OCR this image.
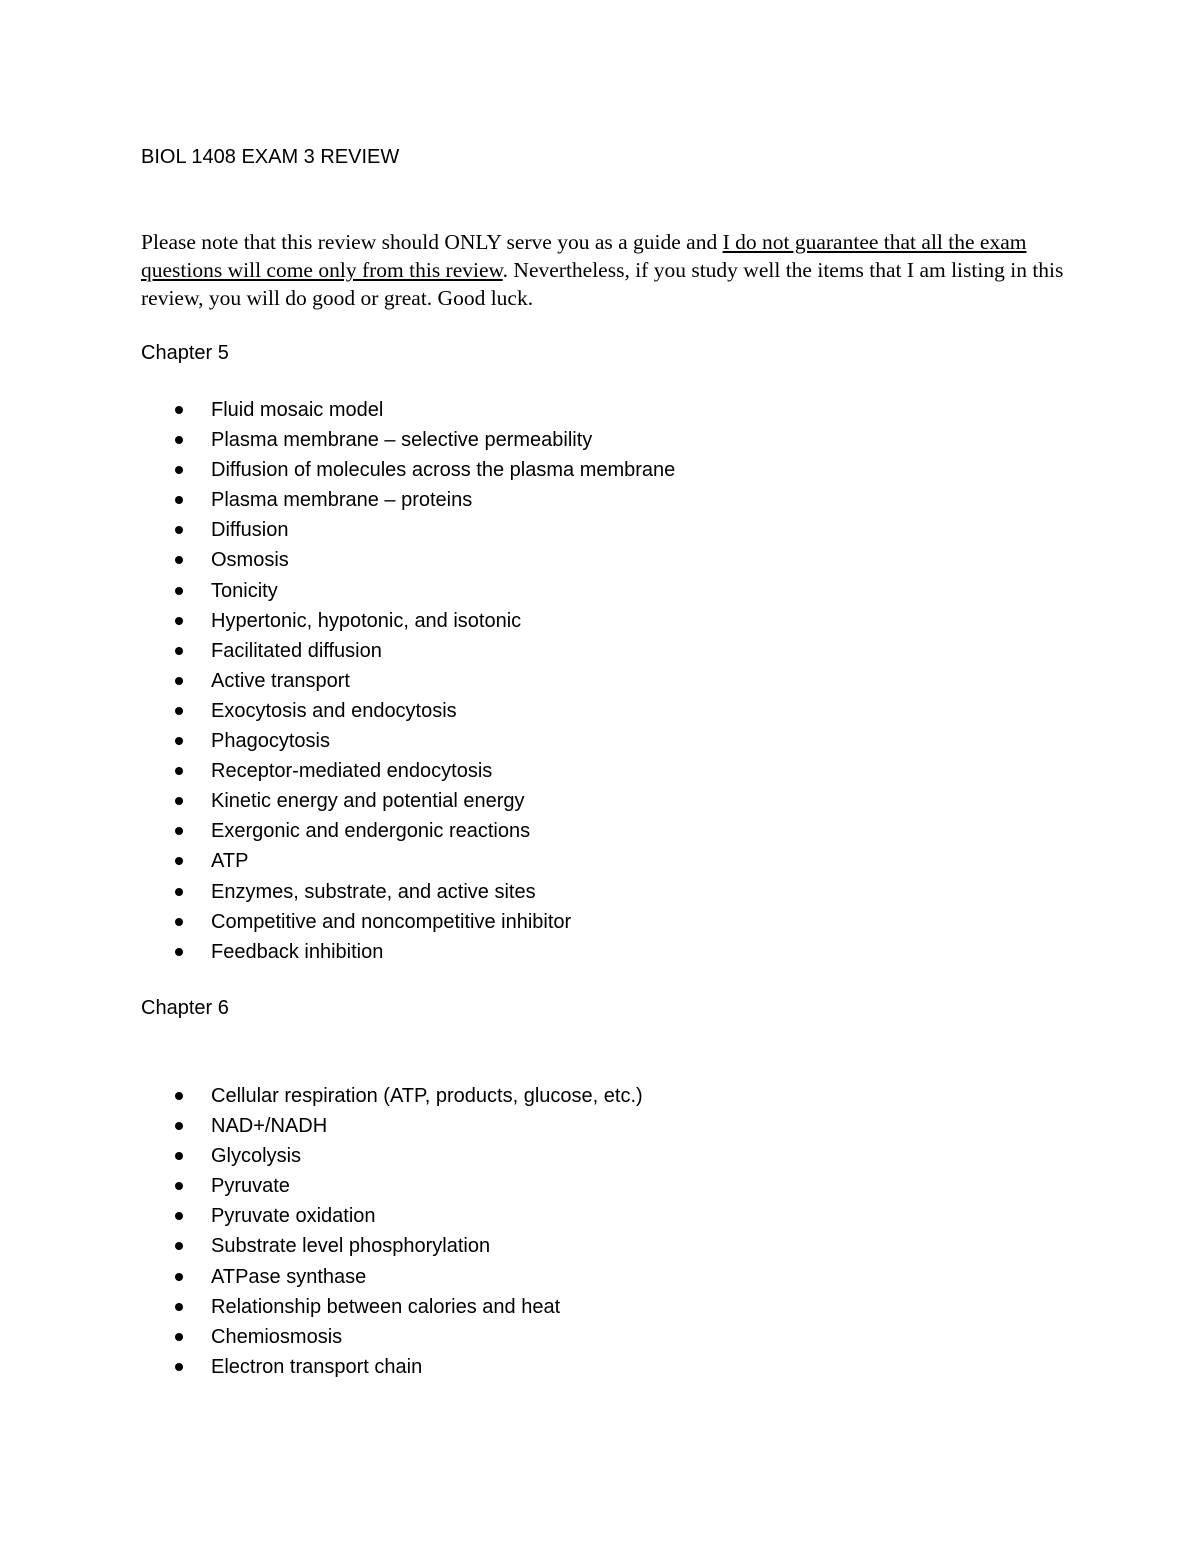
BIOL 1408 EXAM 3 REVIEW

Please note that this review should ONLY serve you as a guide and I do not guarantee that all the exam questions will come only from this review. Nevertheless, if you study well the items that I am listing in this review, you will do good or great. Good luck.

Chapter 5
Fluid mosaic model
Plasma membrane – selective permeability
Diffusion of molecules across the plasma membrane
Plasma membrane – proteins
Diffusion
Osmosis
Tonicity
Hypertonic, hypotonic, and isotonic
Facilitated diffusion
Active transport
Exocytosis and endocytosis
Phagocytosis
Receptor-mediated endocytosis
Kinetic energy and potential energy
Exergonic and endergonic reactions
ATP
Enzymes, substrate, and active sites
Competitive and noncompetitive inhibitor
Feedback inhibition
Chapter 6
Cellular respiration (ATP, products, glucose, etc.)
NAD+/NADH
Glycolysis
Pyruvate
Pyruvate oxidation
Substrate level phosphorylation
ATPase synthase
Relationship between calories and heat
Chemiosmosis
Electron transport chain
